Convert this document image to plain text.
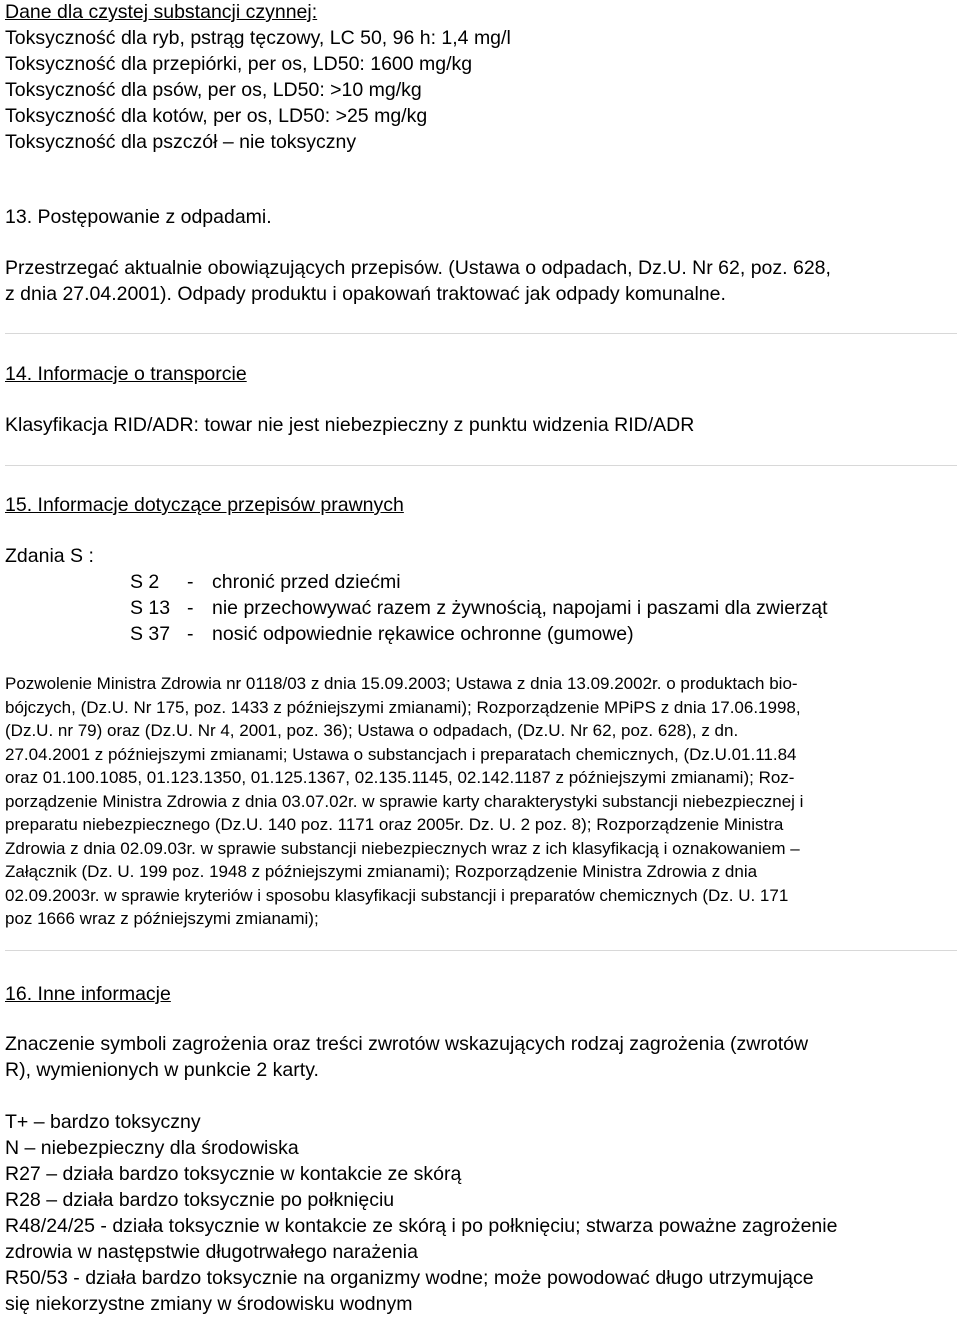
Dane dla czystej substancji czynnej:
Toksyczność dla ryb, pstrąg tęczowy, LC 50, 96 h: 1,4 mg/l
Toksyczność dla przepiórki, per os, LD50: 1600 mg/kg
Toksyczność dla psów, per os, LD50: >10 mg/kg
Toksyczność dla kotów, per os, LD50: >25 mg/kg
Toksyczność dla pszczół – nie toksyczny
13. Postępowanie z odpadami.
Przestrzegać aktualnie obowiązujących przepisów. (Ustawa o odpadach, Dz.U. Nr 62, poz. 628,
z dnia 27.04.2001). Odpady produktu i opakowań traktować jak odpady komunalne.
14. Informacje o transporcie
Klasyfikacja RID/ADR: towar nie jest niebezpieczny z punktu widzenia RID/ADR
15. Informacje dotyczące przepisów prawnych
Zdania S :
S 2	- chronić przed dziećmi
S 13 - nie przechowywać razem z żywnością, napojami i paszami dla zwierząt
S 37 - nosić odpowiednie rękawice ochronne (gumowe)
Pozwolenie Ministra Zdrowia nr 0118/03 z dnia 15.09.2003; Ustawa z dnia 13.09.2002r. o produktach bio-
bójczych, (Dz.U. Nr 175, poz. 1433 z późniejszymi zmianami); Rozporządzenie MPiPS z dnia 17.06.1998,
(Dz.U. nr 79) oraz (Dz.U. Nr 4, 2001, poz. 36); Ustawa o odpadach, (Dz.U. Nr 62, poz. 628), z dn.
27.04.2001 z późniejszymi zmianami; Ustawa o substancjach i preparatach chemicznych, (Dz.U.01.11.84
oraz 01.100.1085, 01.123.1350, 01.125.1367, 02.135.1145, 02.142.1187 z późniejszymi zmianami); Roz-
porządzenie Ministra Zdrowia z dnia 03.07.02r. w sprawie karty charakterystyki substancji niebezpiecznej i
preparatu niebezpiecznego (Dz.U. 140 poz. 1171 oraz 2005r. Dz. U. 2 poz. 8); Rozporządzenie Ministra
Zdrowia z dnia 02.09.03r. w sprawie substancji niebezpiecznych wraz z ich klasyfikacją i oznakowaniem –
Załącznik (Dz. U. 199 poz. 1948 z późniejszymi zmianami); Rozporządzenie Ministra Zdrowia z dnia
02.09.2003r. w sprawie kryteriów i sposobu klasyfikacji substancji i preparatów chemicznych (Dz. U. 171
poz 1666 wraz z późniejszymi zmianami);
16. Inne informacje
Znaczenie symboli zagrożenia oraz treści zwrotów wskazujących rodzaj zagrożenia (zwrotów
R), wymienionych w punkcie 2 karty.
T+ – bardzo toksyczny
N – niebezpieczny dla środowiska
R27 – działa bardzo toksycznie w kontakcie ze skórą
R28 – działa bardzo toksycznie po połknięciu
R48/24/25 - działa toksycznie w kontakcie ze skórą i po połknięciu; stwarza poważne zagrożenie
zdrowia w następstwie długotrwałego narażenia
R50/53 - działa bardzo toksycznie na organizmy wodne; może powodować długo utrzymujące
się niekorzystne zmiany w środowisku wodnym
